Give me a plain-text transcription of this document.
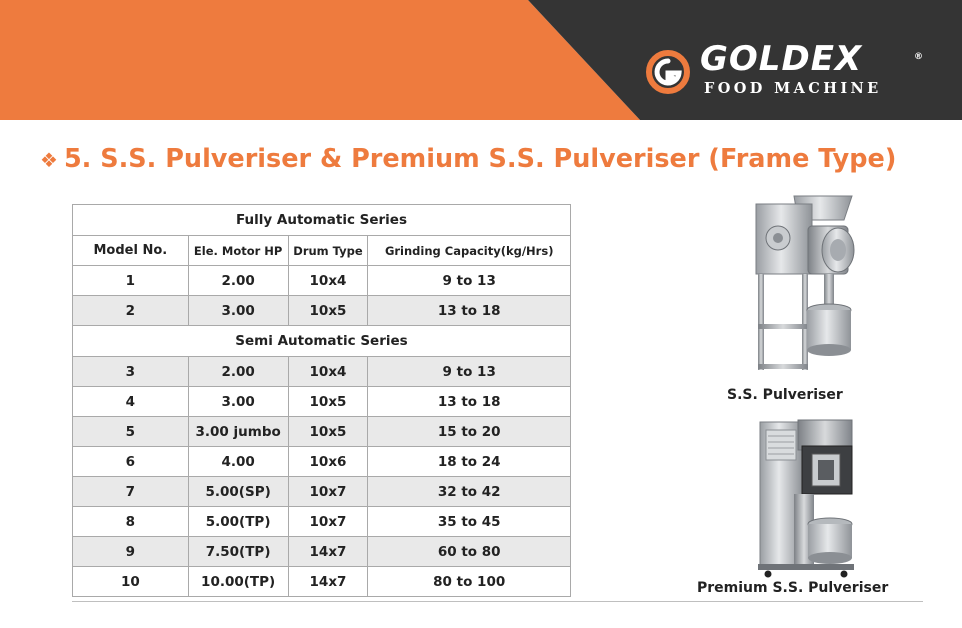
GOLDEX	®
FOOD MACHINE
❖ 5. S.S. Pulveriser & Premium S.S. Pulveriser (Frame Type)
Fully Automatic Series			
Model No.	Ele. Motor HP	Drum Type	Grinding Capacity(kg/Hrs)
1	2.00	10x4	9 to 13
2	3.00	10x5	13 to 18
Semi Automatic Series			
3	2.00	10x4	9 to 13
4	3.00	10x5	13 to 18
5	3.00 jumbo	10x5	15 to 20
6	4.00	10x6	18 to 24
7	5.00(SP)	10x7	32 to 42
8	5.00(TP)	10x7	35 to 45
9	7.50(TP)	14x7	60 to 80
10	10.00(TP)	14x7	80 to 100
S.S. Pulveriser
Premium S.S. Pulveriser
